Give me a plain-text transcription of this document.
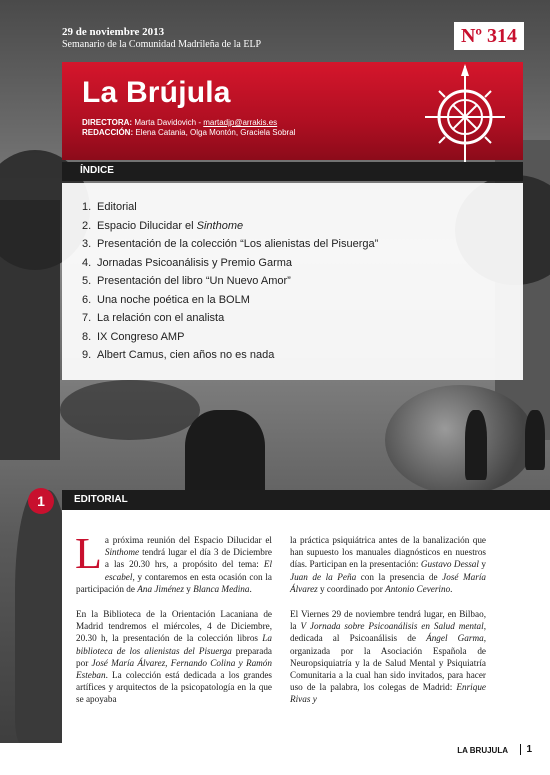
29 de noviembre 2013
Semanario de la Comunidad Madrileña de la ELP	Nº 314
La Brújula
DIRECTORA: Marta Davidovich - martadjp@arrakis.es
REDACCIÓN: Elena Catania, Olga Montón, Graciela Sobral
ÍNDICE
1. Editorial
2. Espacio Dilucidar el Sinthome
3. Presentación de la colección “Los alienistas del Pisuerga”
4. Jornadas Psicoanálisis y Premio Garma
5. Presentación del libro “Un Nuevo Amor”
6. Una noche poética en la BOLM
7. La relación con el analista
8. IX Congreso AMP
9. Albert Camus, cien años no es nada
1	EDITORIAL

La próxima reunión del Espacio Dilucidar el Sinthome tendrá lugar el día 3 de Diciembre a las 20.30 hrs, a propósito del tema: El escabel, y contaremos en esta ocasión con la participación de Ana Jiménez y Blanca Medina.

En la Biblioteca de la Orientación Lacaniana de Madrid tendremos el miércoles, 4 de Diciembre, 20.30 h, la presentación de la colección libros La biblioteca de los alienistas del Pisuerga preparada por José María Álvarez, Fernando Colina y Ramón Esteban. La colección está dedicada a los grandes artífices y arquitectos de la psicopatología en la que se apoyaba

la práctica psiquiátrica antes de la banalización que han supuesto los manuales diagnósticos en nuestros días. Participan en la presentación: Gustavo Dessal y Juan de la Peña con la presencia de José María Álvarez y coordinado por Antonio Ceverino.

El Viernes 29 de noviembre tendrá lugar, en Bilbao, la V Jornada sobre Psicoanálisis en Salud mental, dedicada al Psicoanálisis de Ángel Garma, organizada por la Asociación Española de Neuropsiquiatría y la de Salud Mental y Psiquiatría Comunitaria a la cual han sido invitados, para hacer uso de la palabra, los colegas de Madrid: Enrique Rivas y

LA BRUJULA	1
